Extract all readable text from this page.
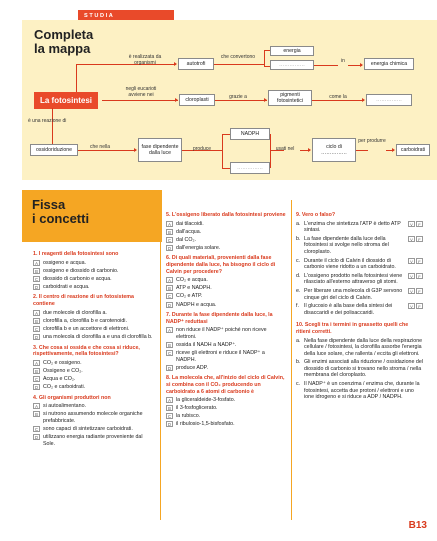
STUDIA
Completa
la mappa
La fotosintesi
è realizzata da organismi	autotrofi
che convertono
energia
……………
in	energia chimica
negli eucarioti avviene nei
cloroplasti	grazie a	pigmenti fotosintetici
come la	……………
è una reazione di
ossidoriduzione	che nella	fase dipendente dalla luce
produce
NADPH
……………
usati nel	ciclo di ……………
per produrre
carboidrati
Fissa
i concetti
1. I reagenti della fotosintesi sono
A ossigeno e acqua.
B ossigeno e diossido di carbonio.
C diossido di carbonio e acqua.
D carboidrati e acqua.
2. Il centro di reazione di un fotosistema contiene
A due molecole di clorofilla a.
B clorofilla a, clorofilla b e carotenoidi.
C clorofilla b e un accettore di elettroni.
D una molecola di clorofilla a e una di clorofilla b.
3. Che cosa si ossida e che cosa si riduce, rispettivamente, nella fotosintesi?
A CO₂ e ossigeno.
B Ossigeno e CO₂.
C Acqua e CO₂.
D CO₂ e carboidrati.
4. Gli organismi produttori non
A si autoalimentano.
B si nutrono assumendo molecole organiche prefabbricate.
C sono capaci di sintetizzare carboidrati.
D utilizzano energia radiante proveniente dal Sole.
5. L'ossigeno liberato dalla fotosintesi proviene
A dai tilacoidi.
B dall'acqua.
C dal CO₂.
D dall'energia solare.
6. Di quali materiali, provenienti dalla fase dipendente dalla luce, ha bisogno il ciclo di Calvin per procedere?
A CO₂ e acqua.
B ATP e NADPH.
C CO₂ e ATP.
D NADPH e acqua.
7. Durante la fase dipendente dalla luce, la NADP⁺ reduttasi
A non riduce il NADP⁺ poiché non riceve elettroni.
B ossida il NADH a NADP⁺.
C riceve gli elettroni e riduce il NADP⁺ a NADPH.
D produce ADP.
8. La molecola che, all'inizio del ciclo di Calvin, si combina con il CO₂ producendo un carboidrato a 6 atomi di carbonio è
A la gliceraldeide-3-fosfato.
B il 3-fosfoglicerato.
C la rubisco.
D il ribulosio-1,5-bisfosfato.
9. Vero o falso?
a. L'enzima che sintetizza l'ATP è detto ATP sintasi.
V	F
b. La fase dipendente dalla luce della fotosintesi si svolge nello stroma del cloroplasto.
V	F
c. Durante il ciclo di Calvin il diossido di carbonio viene ridotto a un carboidrato.
V	F
d. L'ossigeno prodotto nella fotosintesi viene rilasciato all'esterno attraverso gli stomi.
V	F
e. Per liberare una molecola di G3P servono cinque giri del ciclo di Calvin.
V	F
f. Il glucosio è alla base della sintesi dei disaccaridi e dei polisaccaridi.
V	F
10. Scegli tra i termini in grassetto quelli che ritieni corretti.
a. Nella fase dipendente dalla luce della respirazione cellulare / fotosintesi, la clorofilla assorbe l'energia della luce solare, che rallenta / eccita gli elettroni.
b. Gli enzimi associati alla riduzione / ossidazione del diossido di carbonio si trovano nello stroma / nella membrana del cloroplasto.
c. Il NADP⁺ è un coenzima / enzima che, durante la fotosintesi, accetta due protoni / elettroni e uno ione idrogeno e si riduce a ADP / NADPH.
B13
